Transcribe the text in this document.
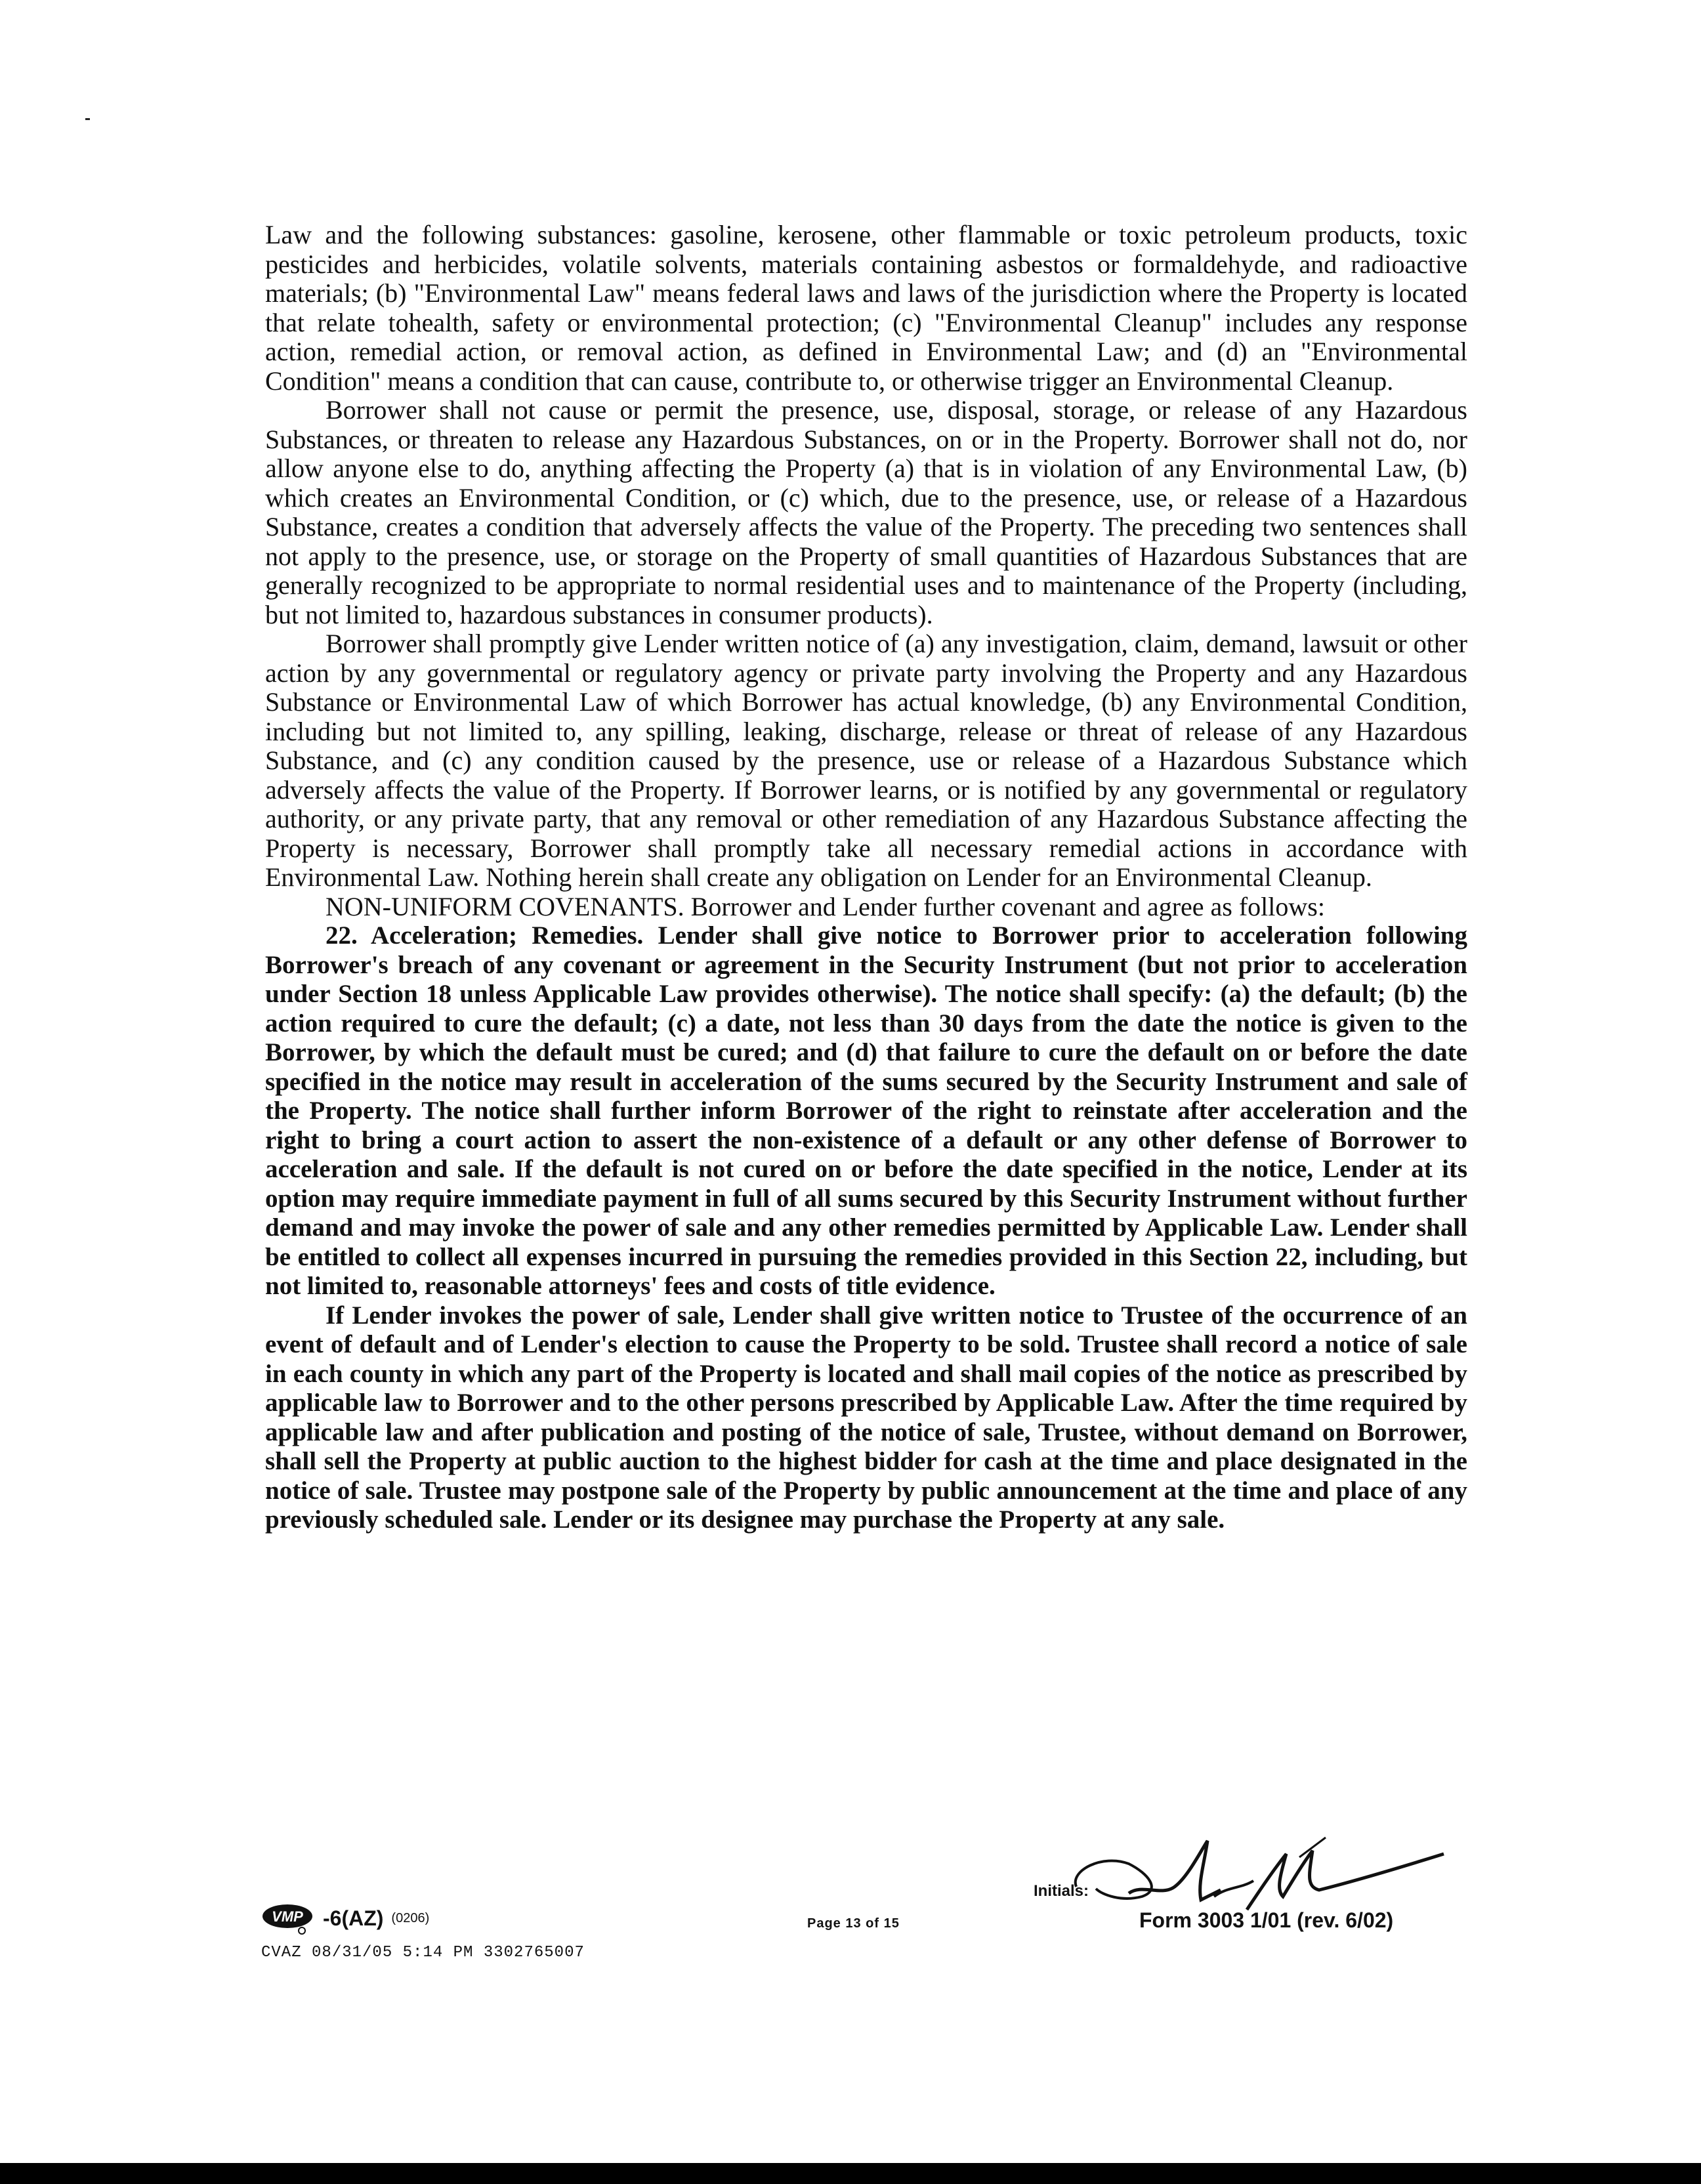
Law and the following substances: gasoline, kerosene, other flammable or toxic petroleum products, toxic pesticides and herbicides, volatile solvents, materials containing asbestos or formaldehyde, and radioactive materials; (b) "Environmental Law" means federal laws and laws of the jurisdiction where the Property is located that relate tohealth, safety or environmental protection; (c) "Environmental Cleanup" includes any response action, remedial action, or removal action, as defined in Environmental Law; and (d) an "Environmental Condition" means a condition that can cause, contribute to, or otherwise trigger an Environmental Cleanup.

Borrower shall not cause or permit the presence, use, disposal, storage, or release of any Hazardous Substances, or threaten to release any Hazardous Substances, on or in the Property. Borrower shall not do, nor allow anyone else to do, anything affecting the Property (a) that is in violation of any Environmental Law, (b) which creates an Environmental Condition, or (c) which, due to the presence, use, or release of a Hazardous Substance, creates a condition that adversely affects the value of the Property. The preceding two sentences shall not apply to the presence, use, or storage on the Property of small quantities of Hazardous Substances that are generally recognized to be appropriate to normal residential uses and to maintenance of the Property (including, but not limited to, hazardous substances in consumer products).

Borrower shall promptly give Lender written notice of (a) any investigation, claim, demand, lawsuit or other action by any governmental or regulatory agency or private party involving the Property and any Hazardous Substance or Environmental Law of which Borrower has actual knowledge, (b) any Environmental Condition, including but not limited to, any spilling, leaking, discharge, release or threat of release of any Hazardous Substance, and (c) any condition caused by the presence, use or release of a Hazardous Substance which adversely affects the value of the Property. If Borrower learns, or is notified by any governmental or regulatory authority, or any private party, that any removal or other remediation of any Hazardous Substance affecting the Property is necessary, Borrower shall promptly take all necessary remedial actions in accordance with Environmental Law. Nothing herein shall create any obligation on Lender for an Environmental Cleanup.

NON-UNIFORM COVENANTS. Borrower and Lender further covenant and agree as follows:

22. Acceleration; Remedies. Lender shall give notice to Borrower prior to acceleration following Borrower's breach of any covenant or agreement in the Security Instrument (but not prior to acceleration under Section 18 unless Applicable Law provides otherwise). The notice shall specify: (a) the default; (b) the action required to cure the default; (c) a date, not less than 30 days from the date the notice is given to the Borrower, by which the default must be cured; and (d) that failure to cure the default on or before the date specified in the notice may result in acceleration of the sums secured by the Security Instrument and sale of the Property. The notice shall further inform Borrower of the right to reinstate after acceleration and the right to bring a court action to assert the non-existence of a default or any other defense of Borrower to acceleration and sale. If the default is not cured on or before the date specified in the notice, Lender at its option may require immediate payment in full of all sums secured by this Security Instrument without further demand and may invoke the power of sale and any other remedies permitted by Applicable Law. Lender shall be entitled to collect all expenses incurred in pursuing the remedies provided in this Section 22, including, but not limited to, reasonable attorneys' fees and costs of title evidence.

If Lender invokes the power of sale, Lender shall give written notice to Trustee of the occurrence of an event of default and of Lender's election to cause the Property to be sold. Trustee shall record a notice of sale in each county in which any part of the Property is located and shall mail copies of the notice as prescribed by applicable law to Borrower and to the other persons prescribed by Applicable Law. After the time required by applicable law and after publication and posting of the notice of sale, Trustee, without demand on Borrower, shall sell the Property at public auction to the highest bidder for cash at the time and place designated in the notice of sale. Trustee may postpone sale of the Property by public announcement at the time and place of any previously scheduled sale. Lender or its designee may purchase the Property at any sale.

VMP -6(AZ) (0206)
CVAZ 08/31/05 5:14 PM 3302765007
Page 13 of 15
Initials:
Form 3003 1/01 (rev. 6/02)
